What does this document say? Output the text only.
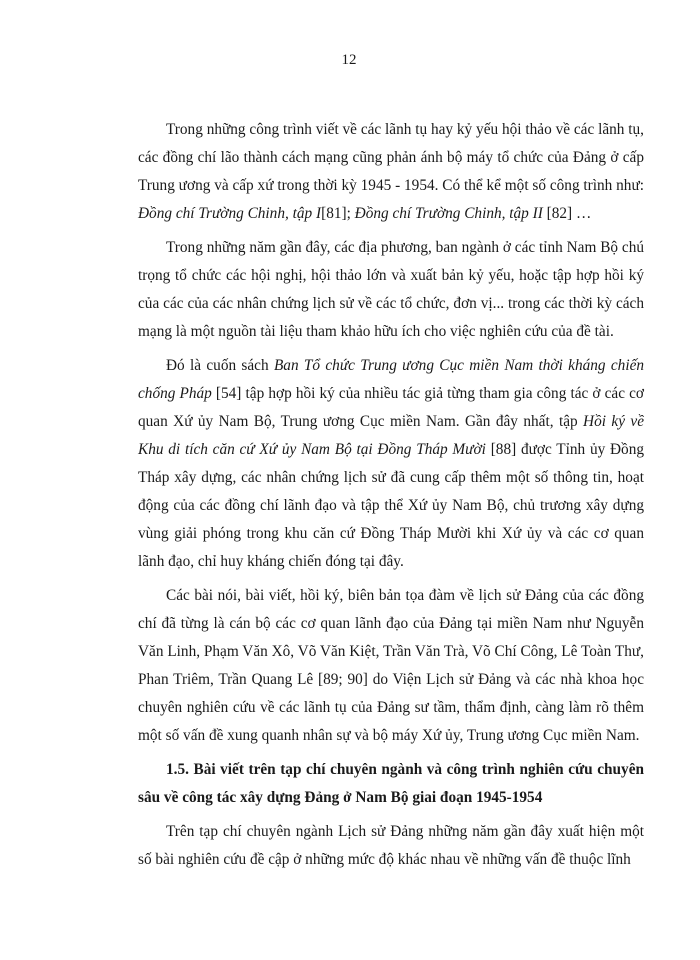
12

Trong những công trình viết về các lãnh tụ hay kỷ yếu hội thảo về các lãnh tụ, các đồng chí lão thành cách mạng cũng phản ánh bộ máy tổ chức của Đảng ở cấp Trung ương và cấp xứ trong thời kỳ 1945 - 1954. Có thể kể một số công trình như: Đồng chí Trường Chinh, tập I[81]; Đồng chí Trường Chinh, tập II [82] …

Trong những năm gần đây, các địa phương, ban ngành ở các tỉnh Nam Bộ chú trọng tổ chức các hội nghị, hội thảo lớn và xuất bản kỷ yếu, hoặc tập hợp hồi ký của các của các nhân chứng lịch sử về các tổ chức, đơn vị... trong các thời kỳ cách mạng là một nguồn tài liệu tham khảo hữu ích cho việc nghiên cứu của đề tài.

Đó là cuốn sách Ban Tổ chức Trung ương Cục miền Nam thời kháng chiến chống Pháp [54] tập hợp hồi ký của nhiều tác giả từng tham gia công tác ở các cơ quan Xứ ủy Nam Bộ, Trung ương Cục miền Nam. Gần đây nhất, tập Hồi ký về Khu di tích căn cứ Xứ ủy Nam Bộ tại Đồng Tháp Mười [88] được Tỉnh ủy Đồng Tháp xây dựng, các nhân chứng lịch sử đã cung cấp thêm một số thông tin, hoạt động của các đồng chí lãnh đạo và tập thể Xứ ủy Nam Bộ, chủ trương xây dựng vùng giải phóng trong khu căn cứ Đồng Tháp Mười khi Xứ ủy và các cơ quan lãnh đạo, chỉ huy kháng chiến đóng tại đây.

Các bài nói, bài viết, hồi ký, biên bản tọa đàm về lịch sử Đảng của các đồng chí đã từng là cán bộ các cơ quan lãnh đạo của Đảng tại miền Nam như Nguyễn Văn Linh, Phạm Văn Xô, Võ Văn Kiệt, Trần Văn Trà, Võ Chí Công, Lê Toàn Thư, Phan Triêm, Trần Quang Lê [89; 90] do Viện Lịch sử Đảng và các nhà khoa học chuyên nghiên cứu về các lãnh tụ của Đảng sư tầm, thẩm định, càng làm rõ thêm một số vấn đề xung quanh nhân sự và bộ máy Xứ ủy, Trung ương Cục miền Nam.

1.5. Bài viết trên tạp chí chuyên ngành và công trình nghiên cứu chuyên sâu về công tác xây dựng Đảng ở Nam Bộ giai đoạn 1945-1954

Trên tạp chí chuyên ngành Lịch sử Đảng những năm gần đây xuất hiện một số bài nghiên cứu đề cập ở những mức độ khác nhau về những vấn đề thuộc lĩnh
